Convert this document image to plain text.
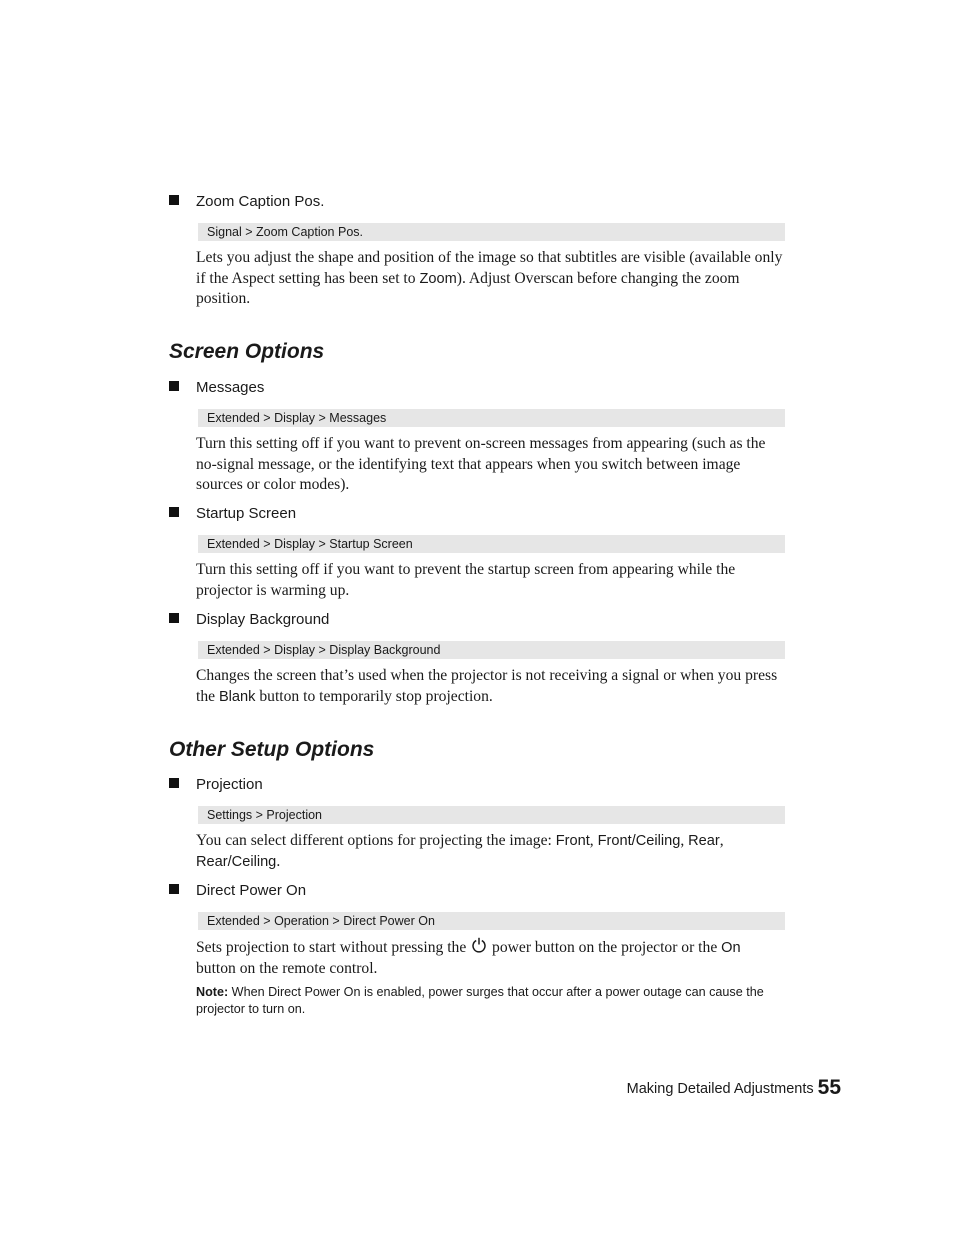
Zoom Caption Pos.
Signal > Zoom Caption Pos.
Lets you adjust the shape and position of the image so that subtitles are visible (available only if the Aspect setting has been set to Zoom). Adjust Overscan before changing the zoom position.
Screen Options
Messages
Extended > Display > Messages
Turn this setting off if you want to prevent on-screen messages from appearing (such as the no-signal message, or the identifying text that appears when you switch between image sources or color modes).
Startup Screen
Extended > Display > Startup Screen
Turn this setting off if you want to prevent the startup screen from appearing while the projector is warming up.
Display Background
Extended > Display > Display Background
Changes the screen that’s used when the projector is not receiving a signal or when you press the Blank button to temporarily stop projection.
Other Setup Options
Projection
Settings > Projection
You can select different options for projecting the image: Front, Front/Ceiling, Rear,
Rear/Ceiling.
Direct Power On
Extended > Operation > Direct Power On
Sets projection to start without pressing the  power button on the projector or the On
button on the remote control.
Note: When Direct Power On is enabled, power surges that occur after a power outage can cause the projector to turn on.
Making Detailed Adjustments 55
